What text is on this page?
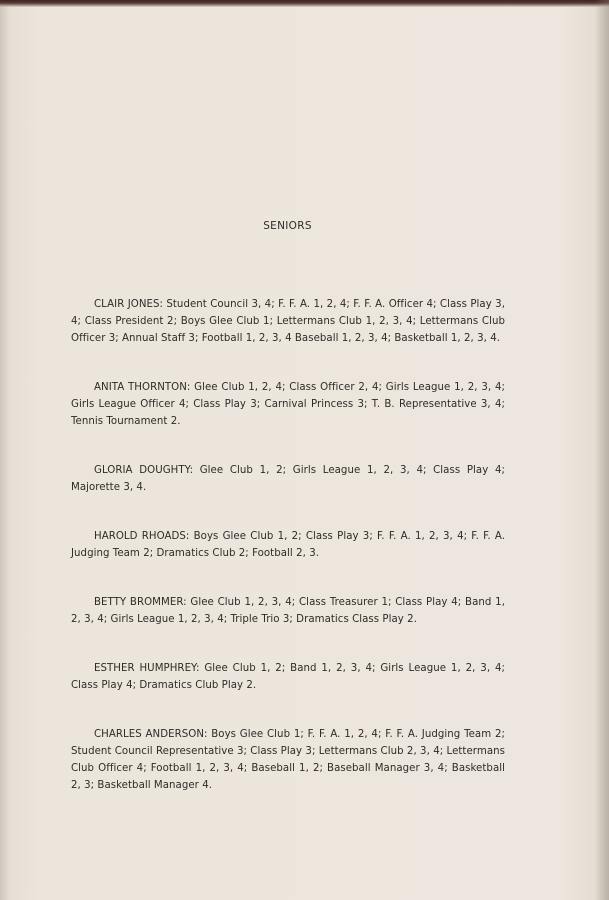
SENIORS

CLAIR JONES: Student Council 3, 4; F. F. A. 1, 2, 4; F. F. A. Officer 4; Class Play 3, 4; Class President 2; Boys Glee Club 1; Lettermans Club 1, 2, 3, 4; Lettermans Club Officer 3; Annual Staff 3; Football 1, 2, 3, 4 Baseball 1, 2, 3, 4; Basketball 1, 2, 3, 4.

ANITA THORNTON: Glee Club 1, 2, 4; Class Officer 2, 4; Girls League 1, 2, 3, 4; Girls League Officer 4; Class Play 3; Carnival Princess 3; T. B. Representative 3, 4; Tennis Tournament 2.

GLORIA DOUGHTY: Glee Club 1, 2; Girls League 1, 2, 3, 4; Class Play 4; Majorette 3, 4.

HAROLD RHOADS: Boys Glee Club 1, 2; Class Play 3; F. F. A. 1, 2, 3, 4; F. F. A. Judging Team 2; Dramatics Club 2; Football 2, 3.

BETTY BROMMER: Glee Club 1, 2, 3, 4; Class Treasurer 1; Class Play 4; Band 1, 2, 3, 4; Girls League 1, 2, 3, 4; Triple Trio 3; Dramatics Class Play 2.

ESTHER HUMPHREY: Glee Club 1, 2; Band 1, 2, 3, 4; Girls League 1, 2, 3, 4; Class Play 4; Dramatics Club Play 2.

CHARLES ANDERSON: Boys Glee Club 1; F. F. A. 1, 2, 4; F. F. A. Judging Team 2; Student Council Representative 3; Class Play 3; Lettermans Club 2, 3, 4; Lettermans Club Officer 4; Football 1, 2, 3, 4; Baseball 1, 2; Baseball Manager 3, 4; Basketball 2, 3; Basketball Manager 4.
